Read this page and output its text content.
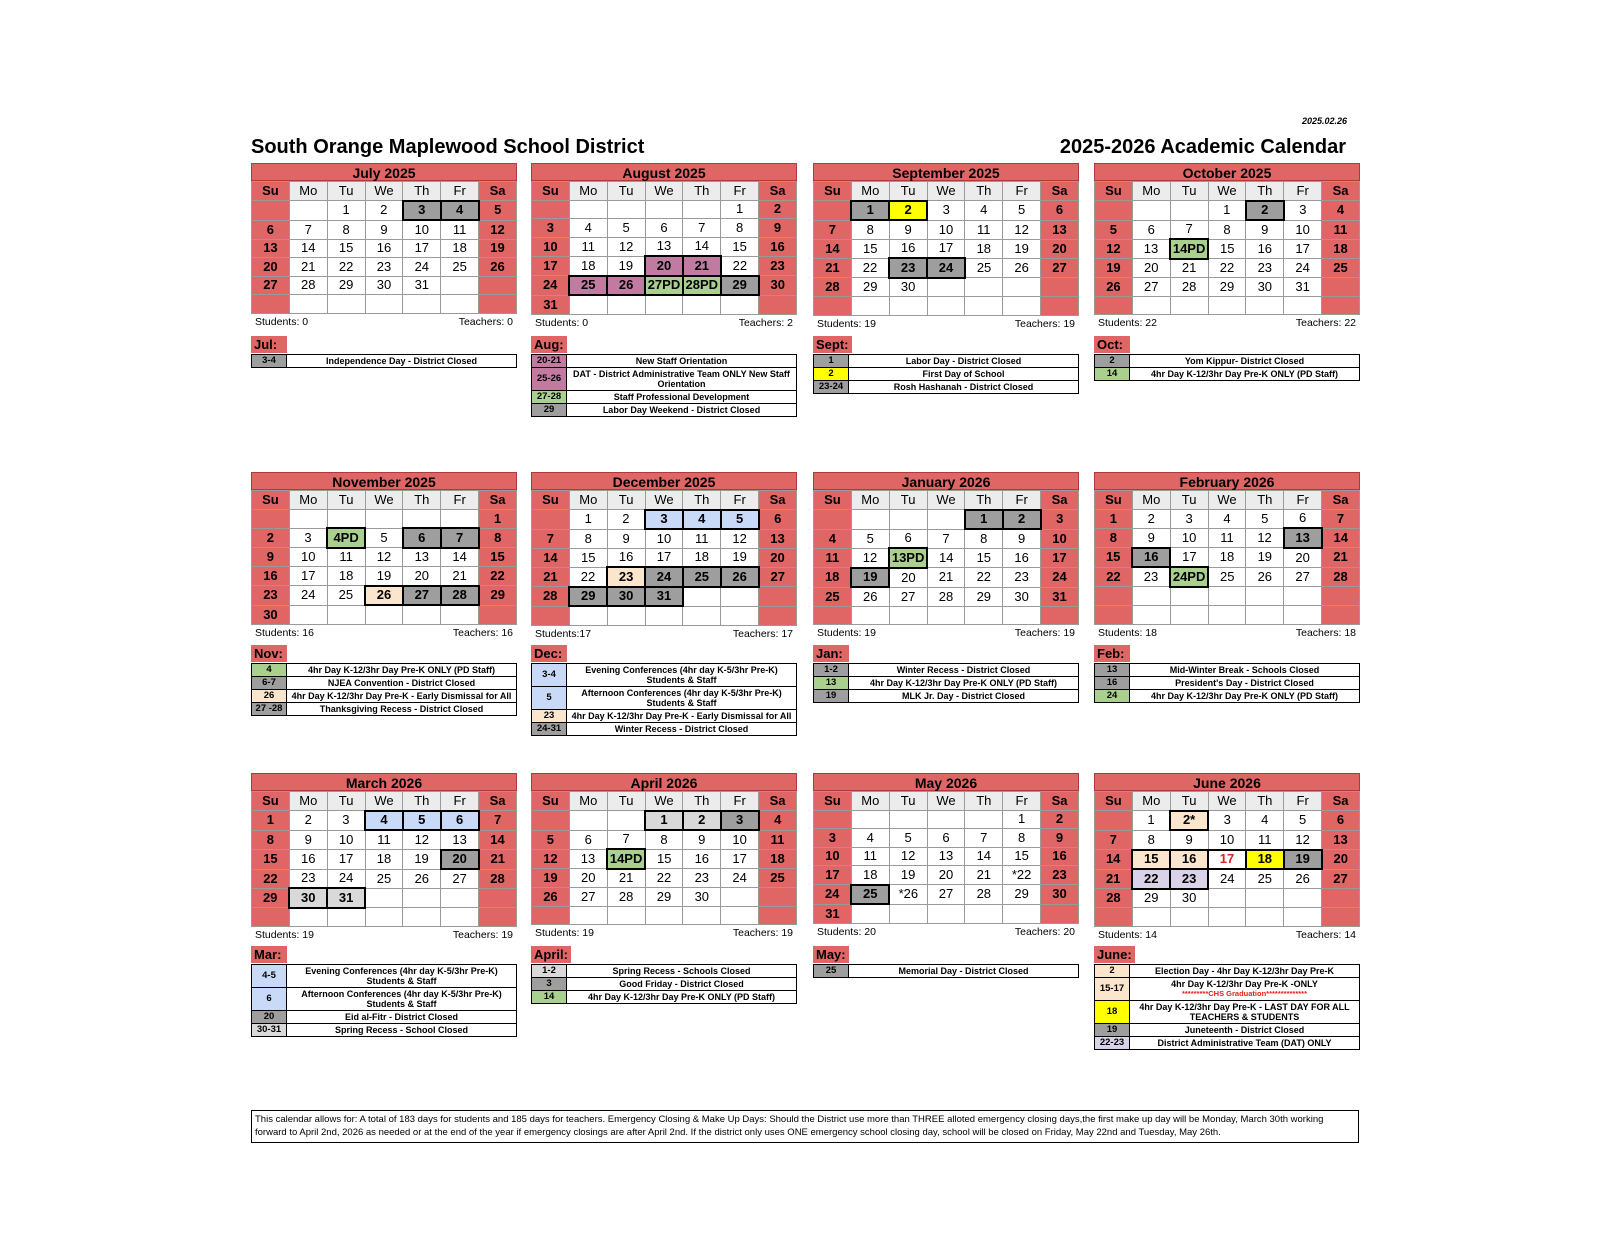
2025.02.26
South Orange Maplewood School District	2025-2026 Academic Calendar
July 2025
Su	Mo	Tu	We	Th	Fr	Sa
		1	2	3	4	5
6	7	8	9	10	11	12
13	14	15	16	17	18	19
20	21	22	23	24	25	26
27	28	29	30	31		

Students: 0	Teachers: 0
Jul:
3-4	Independence Day - District Closed
August 2025
Su	Mo	Tu	We	Th	Fr	Sa
					1	2
3	4	5	6	7	8	9
10	11	12	13	14	15	16
17	18	19	20	21	22	23
24	25	26	27PD	28PD	29	30
31						
Students: 0	Teachers: 2
Aug:
20-21	New Staff Orientation
25-26	DAT - District Administrative Team ONLY New Staff Orientation
27-28	Staff Professional Development
29	Labor Day Weekend - District Closed
September 2025
Su	Mo	Tu	We	Th	Fr	Sa
	1	2	3	4	5	6
7	8	9	10	11	12	13
14	15	16	17	18	19	20
21	22	23	24	25	26	27
28	29	30				

Students: 19	Teachers: 19
Sept:
1	Labor Day - District Closed
2	First Day of School
23-24	Rosh Hashanah - District Closed
October 2025
Su	Mo	Tu	We	Th	Fr	Sa
			1	2	3	4
5	6	7	8	9	10	11
12	13	14PD	15	16	17	18
19	20	21	22	23	24	25
26	27	28	29	30	31	

Students: 22	Teachers: 22
Oct:
2	Yom Kippur- District Closed
14	4hr Day K-12/3hr Day Pre-K ONLY (PD Staff)
November 2025
Su	Mo	Tu	We	Th	Fr	Sa
						1
2	3	4PD	5	6	7	8
9	10	11	12	13	14	15
16	17	18	19	20	21	22
23	24	25	26	27	28	29
30						
Students: 16	Teachers: 16
Nov:
4	4hr Day K-12/3hr Day Pre-K ONLY (PD Staff)
6-7	NJEA Convention - District Closed
26	4hr Day K-12/3hr Day Pre-K - Early Dismissal for All
27 -28	Thanksgiving Recess - District Closed
December 2025
Su	Mo	Tu	We	Th	Fr	Sa
	1	2	3	4	5	6
7	8	9	10	11	12	13
14	15	16	17	18	19	20
21	22	23	24	25	26	27
28	29	30	31			

Students:17	Teachers: 17
Dec:
3-4	Evening Conferences (4hr day K-5/3hr Pre-K) Students & Staff
5	Afternoon Conferences (4hr day K-5/3hr Pre-K) Students & Staff
23	4hr Day K-12/3hr Day Pre-K - Early Dismissal for All
24-31	Winter Recess - District Closed
January 2026
Su	Mo	Tu	We	Th	Fr	Sa
				1	2	3
4	5	6	7	8	9	10
11	12	13PD	14	15	16	17
18	19	20	21	22	23	24
25	26	27	28	29	30	31

Students: 19	Teachers: 19
Jan:
1-2	Winter Recess - District Closed
13	4hr Day K-12/3hr Day Pre-K ONLY (PD Staff)
19	MLK Jr. Day - District Closed
February 2026
Su	Mo	Tu	We	Th	Fr	Sa
1	2	3	4	5	6	7
8	9	10	11	12	13	14
15	16	17	18	19	20	21
22	23	24PD	25	26	27	28

Students: 18	Teachers: 18
Feb:
13	Mid-Winter Break - Schools Closed
16	President's Day - District Closed
24	4hr Day K-12/3hr Day Pre-K ONLY (PD Staff)
March 2026
Su	Mo	Tu	We	Th	Fr	Sa
1	2	3	4	5	6	7
8	9	10	11	12	13	14
15	16	17	18	19	20	21
22	23	24	25	26	27	28
29	30	31				

Students: 19	Teachers: 19
Mar:
4-5	Evening Conferences (4hr day K-5/3hr Pre-K) Students & Staff
6	Afternoon Conferences (4hr day K-5/3hr Pre-K) Students & Staff
20	Eid al-Fitr - District Closed
30-31	Spring Recess - School Closed
April 2026
Su	Mo	Tu	We	Th	Fr	Sa
			1	2	3	4
5	6	7	8	9	10	11
12	13	14PD	15	16	17	18
19	20	21	22	23	24	25
26	27	28	29	30		

Students: 19	Teachers: 19
April:
1-2	Spring Recess - Schools Closed
3	Good Friday - District Closed
14	4hr Day K-12/3hr Day Pre-K ONLY (PD Staff)
May 2026
Su	Mo	Tu	We	Th	Fr	Sa
					1	2
3	4	5	6	7	8	9
10	11	12	13	14	15	16
17	18	19	20	21	*22	23
24	25	*26	27	28	29	30
31						
Students: 20	Teachers: 20
May:
25	Memorial Day - District Closed
June 2026
Su	Mo	Tu	We	Th	Fr	Sa
	1	2*	3	4	5	6
7	8	9	10	11	12	13
14	15	16	17	18	19	20
21	22	23	24	25	26	27
28	29	30				

Students: 14	Teachers: 14
June:
2	Election Day - 4hr Day K-12/3hr Day Pre-K
15-17	4hr Day K-12/3hr Day Pre-K -ONLY
*********CHS Graduation**************

18	4hr Day K-12/3hr Day Pre-K - LAST DAY FOR ALL TEACHERS & STUDENTS
19	Juneteenth - District Closed
22-23	District Administrative Team (DAT) ONLY
This calendar allows for: A total of 183 days for students and 185 days for teachers. Emergency Closing & Make Up Days: Should the District use more than THREE alloted emergency closing days,the first make up day will be Monday, March 30th working forward to April 2nd, 2026 as needed or at the end of the year if emergency closings are after April 2nd. If the district only uses ONE emergency school closing day, school will be closed on Friday, May 22nd and Tuesday, May 26th.
